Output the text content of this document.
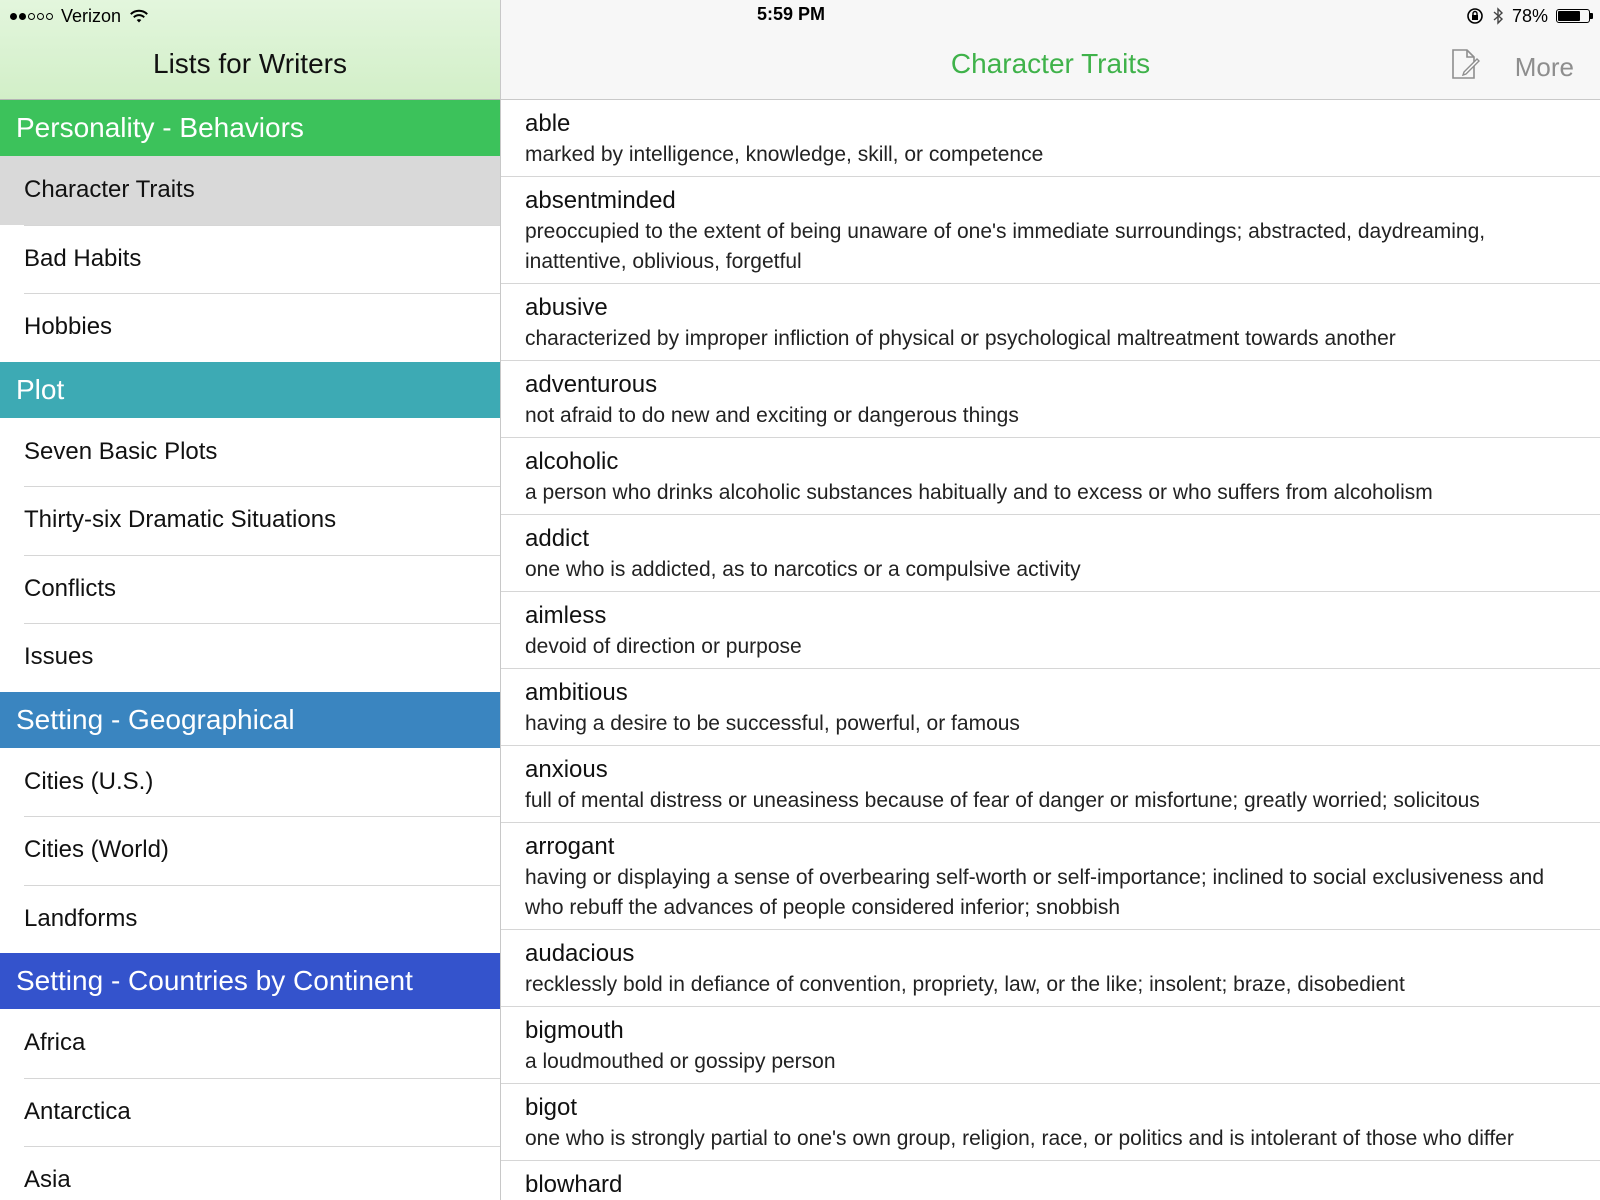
Verizon
Lists for Writers
Personality - Behaviors
Character Traits
Bad Habits
Hobbies
Plot
Seven Basic Plots
Thirty-six Dramatic Situations
Conflicts
Issues
Setting - Geographical
Cities (U.S.)
Cities (World)
Landforms
Setting - Countries by Continent
Africa
Antarctica
Asia
5:59 PM	78%
Character Traits	More
able
marked by intelligence, knowledge, skill, or competence
absentminded
preoccupied to the extent of being unaware of one's immediate surroundings; abstracted, daydreaming, inattentive, oblivious, forgetful
abusive
characterized by improper infliction of physical or psychological maltreatment towards another
adventurous
not afraid to do new and exciting or dangerous things
alcoholic
a person who drinks alcoholic substances habitually and to excess or who suffers from alcoholism
addict
one who is addicted, as to narcotics or a compulsive activity
aimless
devoid of direction or purpose
ambitious
having a desire to be successful, powerful, or famous
anxious
full of mental distress or uneasiness because of fear of danger or misfortune; greatly worried; solicitous
arrogant
having or displaying a sense of overbearing self-worth or self-importance; inclined to social exclusiveness and who rebuff the advances of people considered inferior; snobbish
audacious
recklessly bold in defiance of convention, propriety, law, or the like; insolent; braze, disobedient
bigmouth
a loudmouthed or gossipy person
bigot
one who is strongly partial to one's own group, religion, race, or politics and is intolerant of those who differ
blowhard
